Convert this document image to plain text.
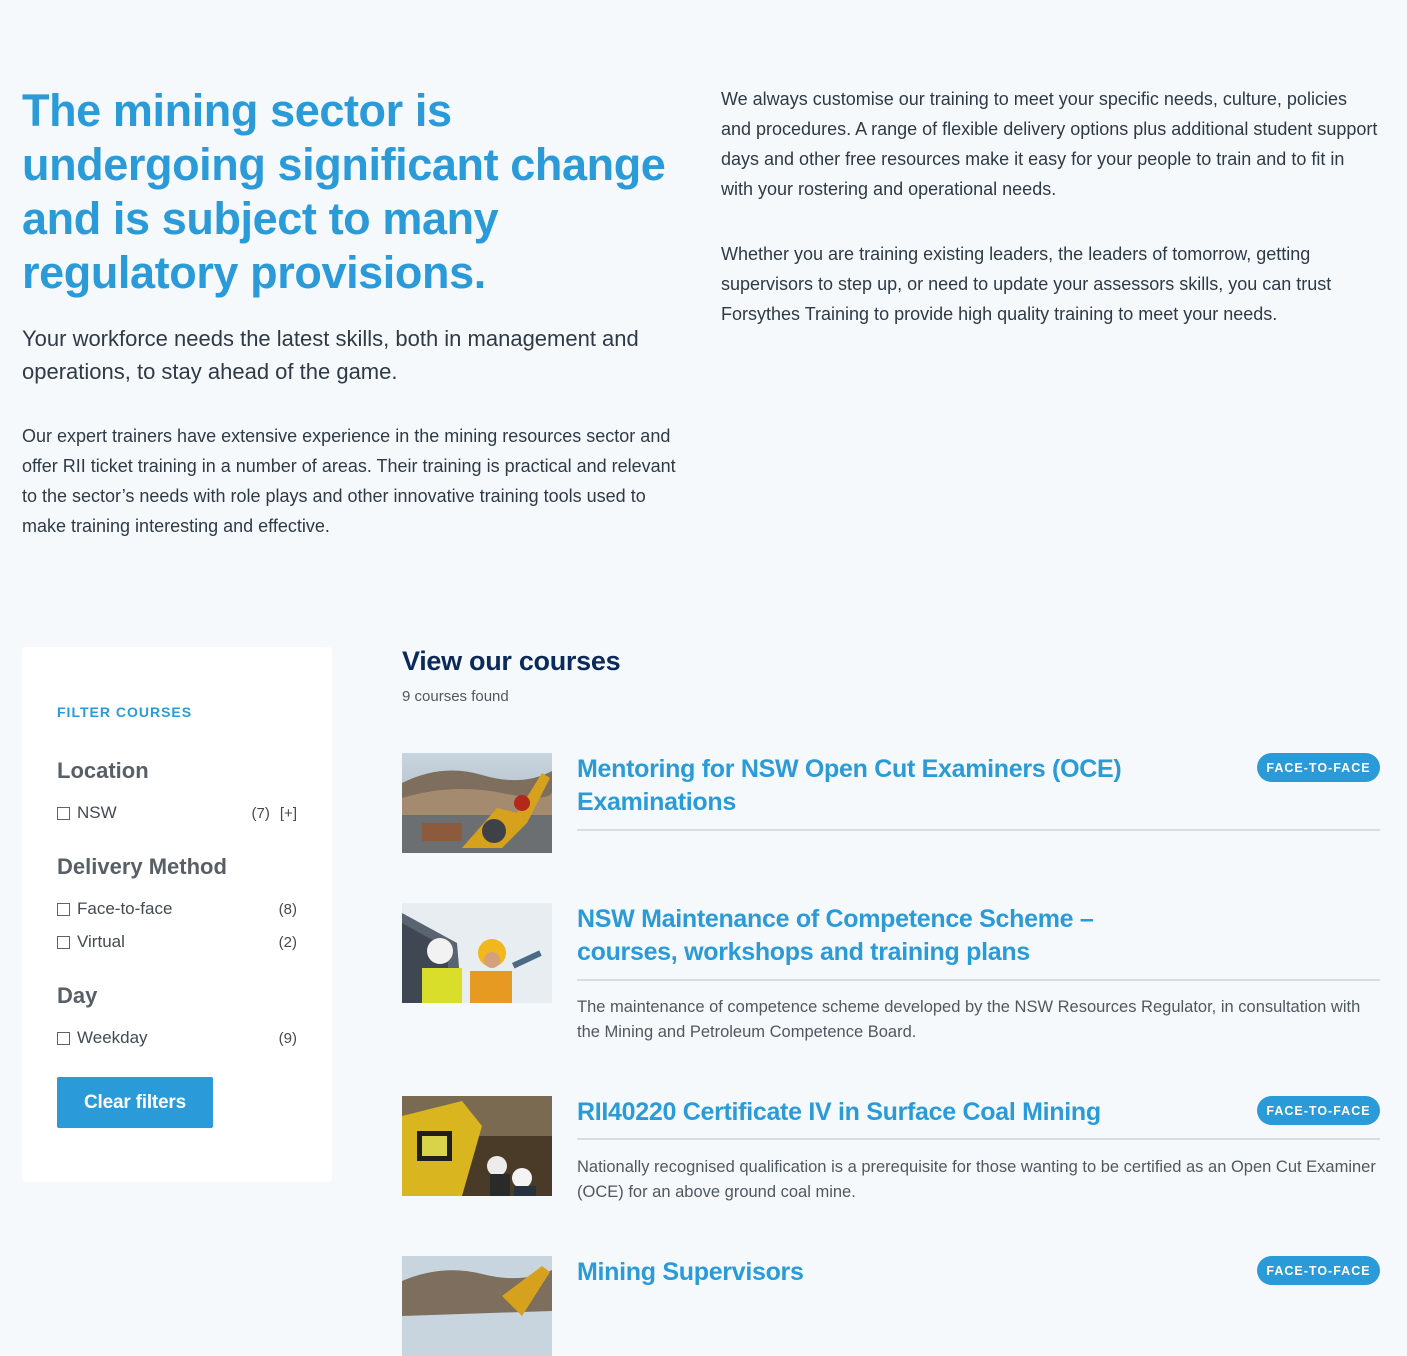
The mining sector is undergoing significant change and is subject to many regulatory provisions.

Your workforce needs the latest skills, both in management and operations, to stay ahead of the game.

Our expert trainers have extensive experience in the mining resources sector and offer RII ticket training in a number of areas. Their training is practical and relevant to the sector’s needs with role plays and other innovative training tools used to make training interesting and effective.

We always customise our training to meet your specific needs, culture, policies and procedures. A range of flexible delivery options plus additional student support days and other free resources make it easy for your people to train and to fit in with your rostering and operational needs.

Whether you are training existing leaders, the leaders of tomorrow, getting supervisors to step up, or need to update your assessors skills, you can trust Forsythes Training to provide high quality training to meet your needs.

FILTER COURSES
Location
NSW	(7) [+]
Delivery Method
Face-to-face	(8)
Virtual	(2)
Day
Weekday	(9)
Clear filters
View our courses
9 courses found
Mentoring for NSW Open Cut Examiners (OCE) Examinations
FACE-TO-FACE
NSW Maintenance of Competence Scheme – courses, workshops and training plans

The maintenance of competence scheme developed by the NSW Resources Regulator, in consultation with the Mining and Petroleum Competence Board.

RII40220 Certificate IV in Surface Coal Mining

Nationally recognised qualification is a prerequisite for those wanting to be certified as an Open Cut Examiner (OCE) for an above ground coal mine.

FACE-TO-FACE
Mining Supervisors	FACE-TO-FACE
